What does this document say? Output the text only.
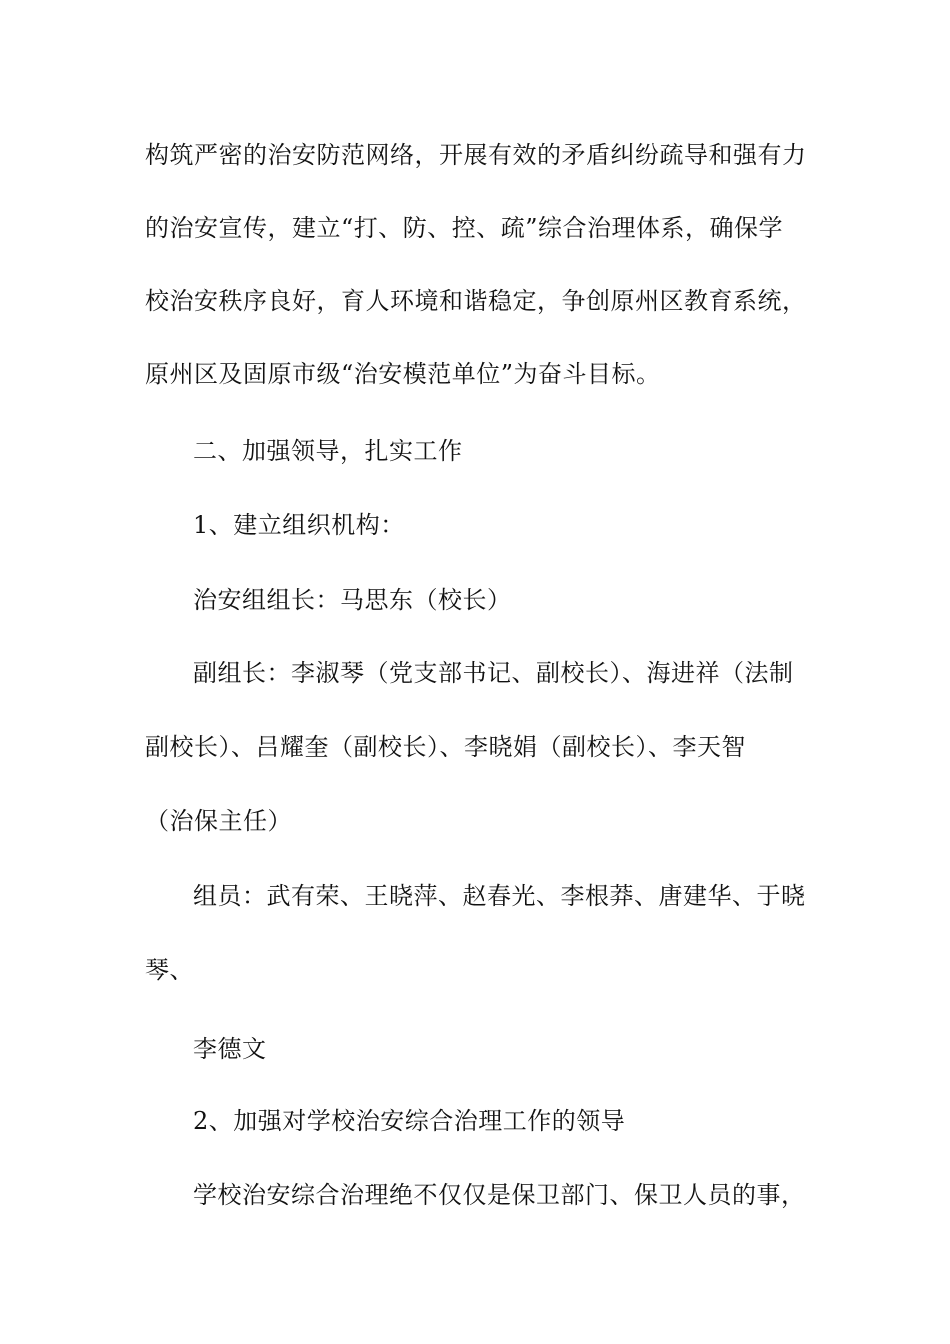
构筑严密的治安防范网络，开展有效的矛盾纠纷疏导和强有力
的治安宣传，建立“打、防、控、疏”综合治理体系，确保学
校治安秩序良好，育人环境和谐稳定，争创原州区教育系统，
原州区及固原市级“治安模范单位”为奋斗目标。
二、加强领导，扎实工作
1、建立组织机构：
治安组组长：马思东（校长）
副组长：李淑琴（党支部书记、副校长）、海进祥（法制
副校长）、吕耀奎（副校长）、李晓娟（副校长）、李天智
（治保主任）
组员：武有荣、王晓萍、赵春光、李根莽、唐建华、于晓
琴、
李德文
2、加强对学校治安综合治理工作的领导
学校治安综合治理绝不仅仅是保卫部门、保卫人员的事，
